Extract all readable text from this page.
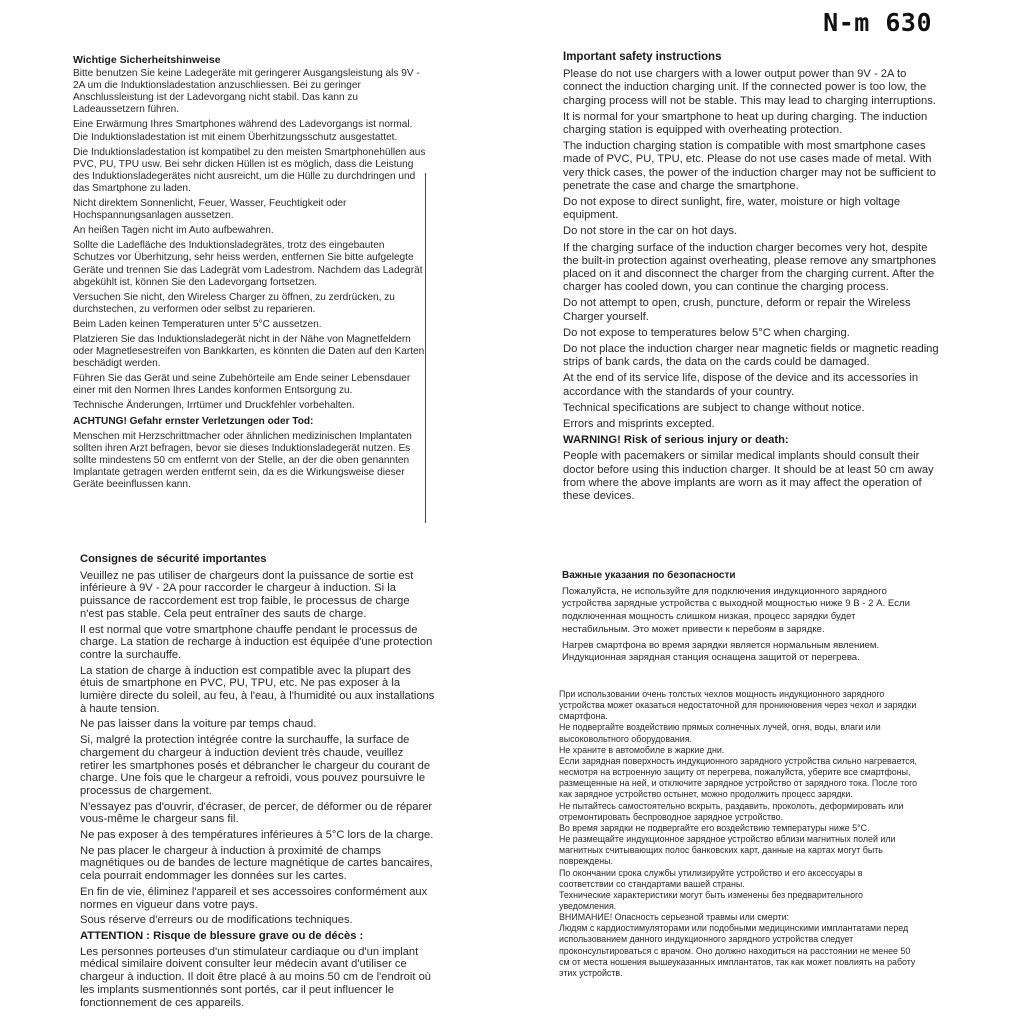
N-m 630
Wichtige Sicherheitshinweise

Bitte benutzen Sie keine Ladegeräte mit geringerer Ausgangsleistung als 9V - 2A um die Induktionsladestation anzuschliessen. Bei zu geringer Anschlussleistung ist der Ladevorgang nicht stabil. Das kann zu Ladeaussetzern führen.

Eine Erwärmung Ihres Smartphones während des Ladevorgangs ist normal. Die Induktionsladestation ist mit einem Überhitzungsschutz ausgestattet.

Die Induktionsladestation ist kompatibel zu den meisten Smartphonehüllen aus PVC, PU, TPU usw. Bei sehr dicken Hüllen ist es möglich, dass die Leistung des Induktionsladegerätes nicht ausreicht, um die Hülle zu durchdringen und das Smartphone zu laden.

Nicht direktem Sonnenlicht, Feuer, Wasser, Feuchtigkeit oder Hochspannungsanlagen aussetzen.

An heißen Tagen nicht im Auto aufbewahren.

Sollte die Ladefläche des Induktionsladegrätes, trotz des eingebauten Schutzes vor Überhitzung, sehr heiss werden, entfernen Sie bitte aufgelegte Geräte und trennen Sie das Ladegrät vom Ladestrom. Nachdem das Ladegrät abgekühlt ist, können Sie den Ladevorgang fortsetzen.

Versuchen Sie nicht, den Wireless Charger zu öffnen, zu zerdrücken, zu durchstechen, zu verformen oder selbst zu reparieren.

Beim Laden keinen Temperaturen unter 5°C aussetzen.

Platzieren Sie das Induktionsladegerät nicht in der Nähe von Magnetfeldern oder Magnetlesestreifen von Bankkarten, es könnten die Daten auf den Karten beschädigt werden.

Führen Sie das Gerät und seine Zubehörteile am Ende seiner Lebensdauer einer mit den Normen Ihres Landes konformen Entsorgung zu.

Technische Änderungen, Irrtümer und Druckfehler vorbehalten.

ACHTUNG! Gefahr ernster Verletzungen oder Tod:

Menschen mit Herzschrittmacher oder ähnlichen medizinischen Implantaten sollten ihren Arzt befragen, bevor sie dieses Induktionsladegerät nutzen. Es sollte mindestens 50 cm entfernt von der Stelle, an der die oben genannten Implantate getragen werden entfernt sein, da es die Wirkungsweise dieser Geräte beeinflussen kann.

Important safety instructions

Please do not use chargers with a lower output power than 9V - 2A to connect the induction charging unit. If the connected power is too low, the charging process will not be stable. This may lead to charging interruptions.

It is normal for your smartphone to heat up during charging. The induction charging station is equipped with overheating protection.

The induction charging station is compatible with most smartphone cases made of PVC, PU, TPU, etc. Please do not use cases made of metal. With very thick cases, the power of the induction charger may not be sufficient to penetrate the case and charge the smartphone.

Do not expose to direct sunlight, fire, water, moisture or high voltage equipment.

Do not store in the car on hot days.

If the charging surface of the induction charger becomes very hot, despite the built-in protection against overheating, please remove any smartphones placed on it and disconnect the charger from the charging current. After the charger has cooled down, you can continue the charging process.

Do not attempt to open, crush, puncture, deform or repair the Wireless Charger yourself.

Do not expose to temperatures below 5°C when charging.

Do not place the induction charger near magnetic fields or magnetic reading strips of bank cards, the data on the cards could be damaged.

At the end of its service life, dispose of the device and its accessories in accordance with the standards of your country.

Technical specifications are subject to change without notice.

Errors and misprints excepted.

WARNING! Risk of serious injury or death:

People with pacemakers or similar medical implants should consult their doctor before using this induction charger. It should be at least 50 cm away from where the above implants are worn as it may affect the operation of these devices.

Consignes de sécurité importantes

Veuillez ne pas utiliser de chargeurs dont la puissance de sortie est inférieure à 9V - 2A pour raccorder le chargeur à induction. Si la puissance de raccordement est trop faible, le processus de charge n'est pas stable. Cela peut entraîner des sauts de charge.

Il est normal que votre smartphone chauffe pendant le processus de charge. La station de recharge à induction est équipée d'une protection contre la surchauffe.

La station de charge à induction est compatible avec la plupart des étuis de smartphone en PVC, PU, TPU, etc. Ne pas exposer à la lumière directe du soleil, au feu, à l'eau, à l'humidité ou aux installations à haute tension.

Ne pas laisser dans la voiture par temps chaud.

Si, malgré la protection intégrée contre la surchauffe, la surface de chargement du chargeur à induction devient très chaude, veuillez retirer les smartphones posés et débrancher le chargeur du courant de charge. Une fois que le chargeur a refroidi, vous pouvez poursuivre le processus de chargement.

N'essayez pas d'ouvrir, d'écraser, de percer, de déformer ou de réparer vous-même le chargeur sans fil.

Ne pas exposer à des températures inférieures à 5°C lors de la charge.

Ne pas placer le chargeur à induction à proximité de champs magnétiques ou de bandes de lecture magnétique de cartes bancaires, cela pourrait endommager les données sur les cartes.

En fin de vie, éliminez l'appareil et ses accessoires conformément aux normes en vigueur dans votre pays.

Sous réserve d'erreurs ou de modifications techniques.

ATTENTION : Risque de blessure grave ou de décès :

Les personnes porteuses d'un stimulateur cardiaque ou d'un implant médical similaire doivent consulter leur médecin avant d'utiliser ce chargeur à induction. Il doit être placé à au moins 50 cm de l'endroit où les implants susmentionnés sont portés, car il peut influencer le fonctionnement de ces appareils.

Важные указания по безопасности

Пожалуйста, не используйте для подключения индукционного зарядного устройства зарядные устройства с выходной мощностью ниже 9 В - 2 А. Если подключенная мощность слишком низкая, процесс зарядки будет нестабильным. Это может привести к перебоям в зарядке.

Нагрев смартфона во время зарядки является нормальным явлением. Индукционная зарядная станция оснащена защитой от перегрева.

При использовании очень толстых чехлов мощность индукционного зарядного устройства может оказаться недостаточной для проникновения через чехол и зарядки смартфона.

Не подвергайте воздействию прямых солнечных лучей, огня, воды, влаги или высоковольтного оборудования.

Не храните в автомобиле в жаркие дни.

Если зарядная поверхность индукционного зарядного устройства сильно нагревается, несмотря на встроенную защиту от перегрева, пожалуйста, уберите все смартфоны, размещенные на ней, и отключите зарядное устройство от зарядного тока. После того как зарядное устройство остынет, можно продолжить процесс зарядки.

Не пытайтесь самостоятельно вскрыть, раздавить, проколоть, деформировать или отремонтировать беспроводное зарядное устройство.

Во время зарядки не подвергайте его воздействию температуры ниже 5°C.

Не размещайте индукционное зарядное устройство вблизи магнитных полей или магнитных считывающих полос банковских карт, данные на картах могут быть повреждены.

По окончании срока службы утилизируйте устройство и его аксессуары в соответствии со стандартами вашей страны.

Технические характеристики могут быть изменены без предварительного уведомления.

ВНИМАНИЕ! Опасность серьезной травмы или смерти:

Людям с кардиостимуляторами или подобными медицинскими имплантатами перед использованием данного индукционного зарядного устройства следует проконсультироваться с врачом. Оно должно находиться на расстоянии не менее 50 см от места ношения вышеуказанных имплантатов, так как может повлиять на работу этих устройств.
